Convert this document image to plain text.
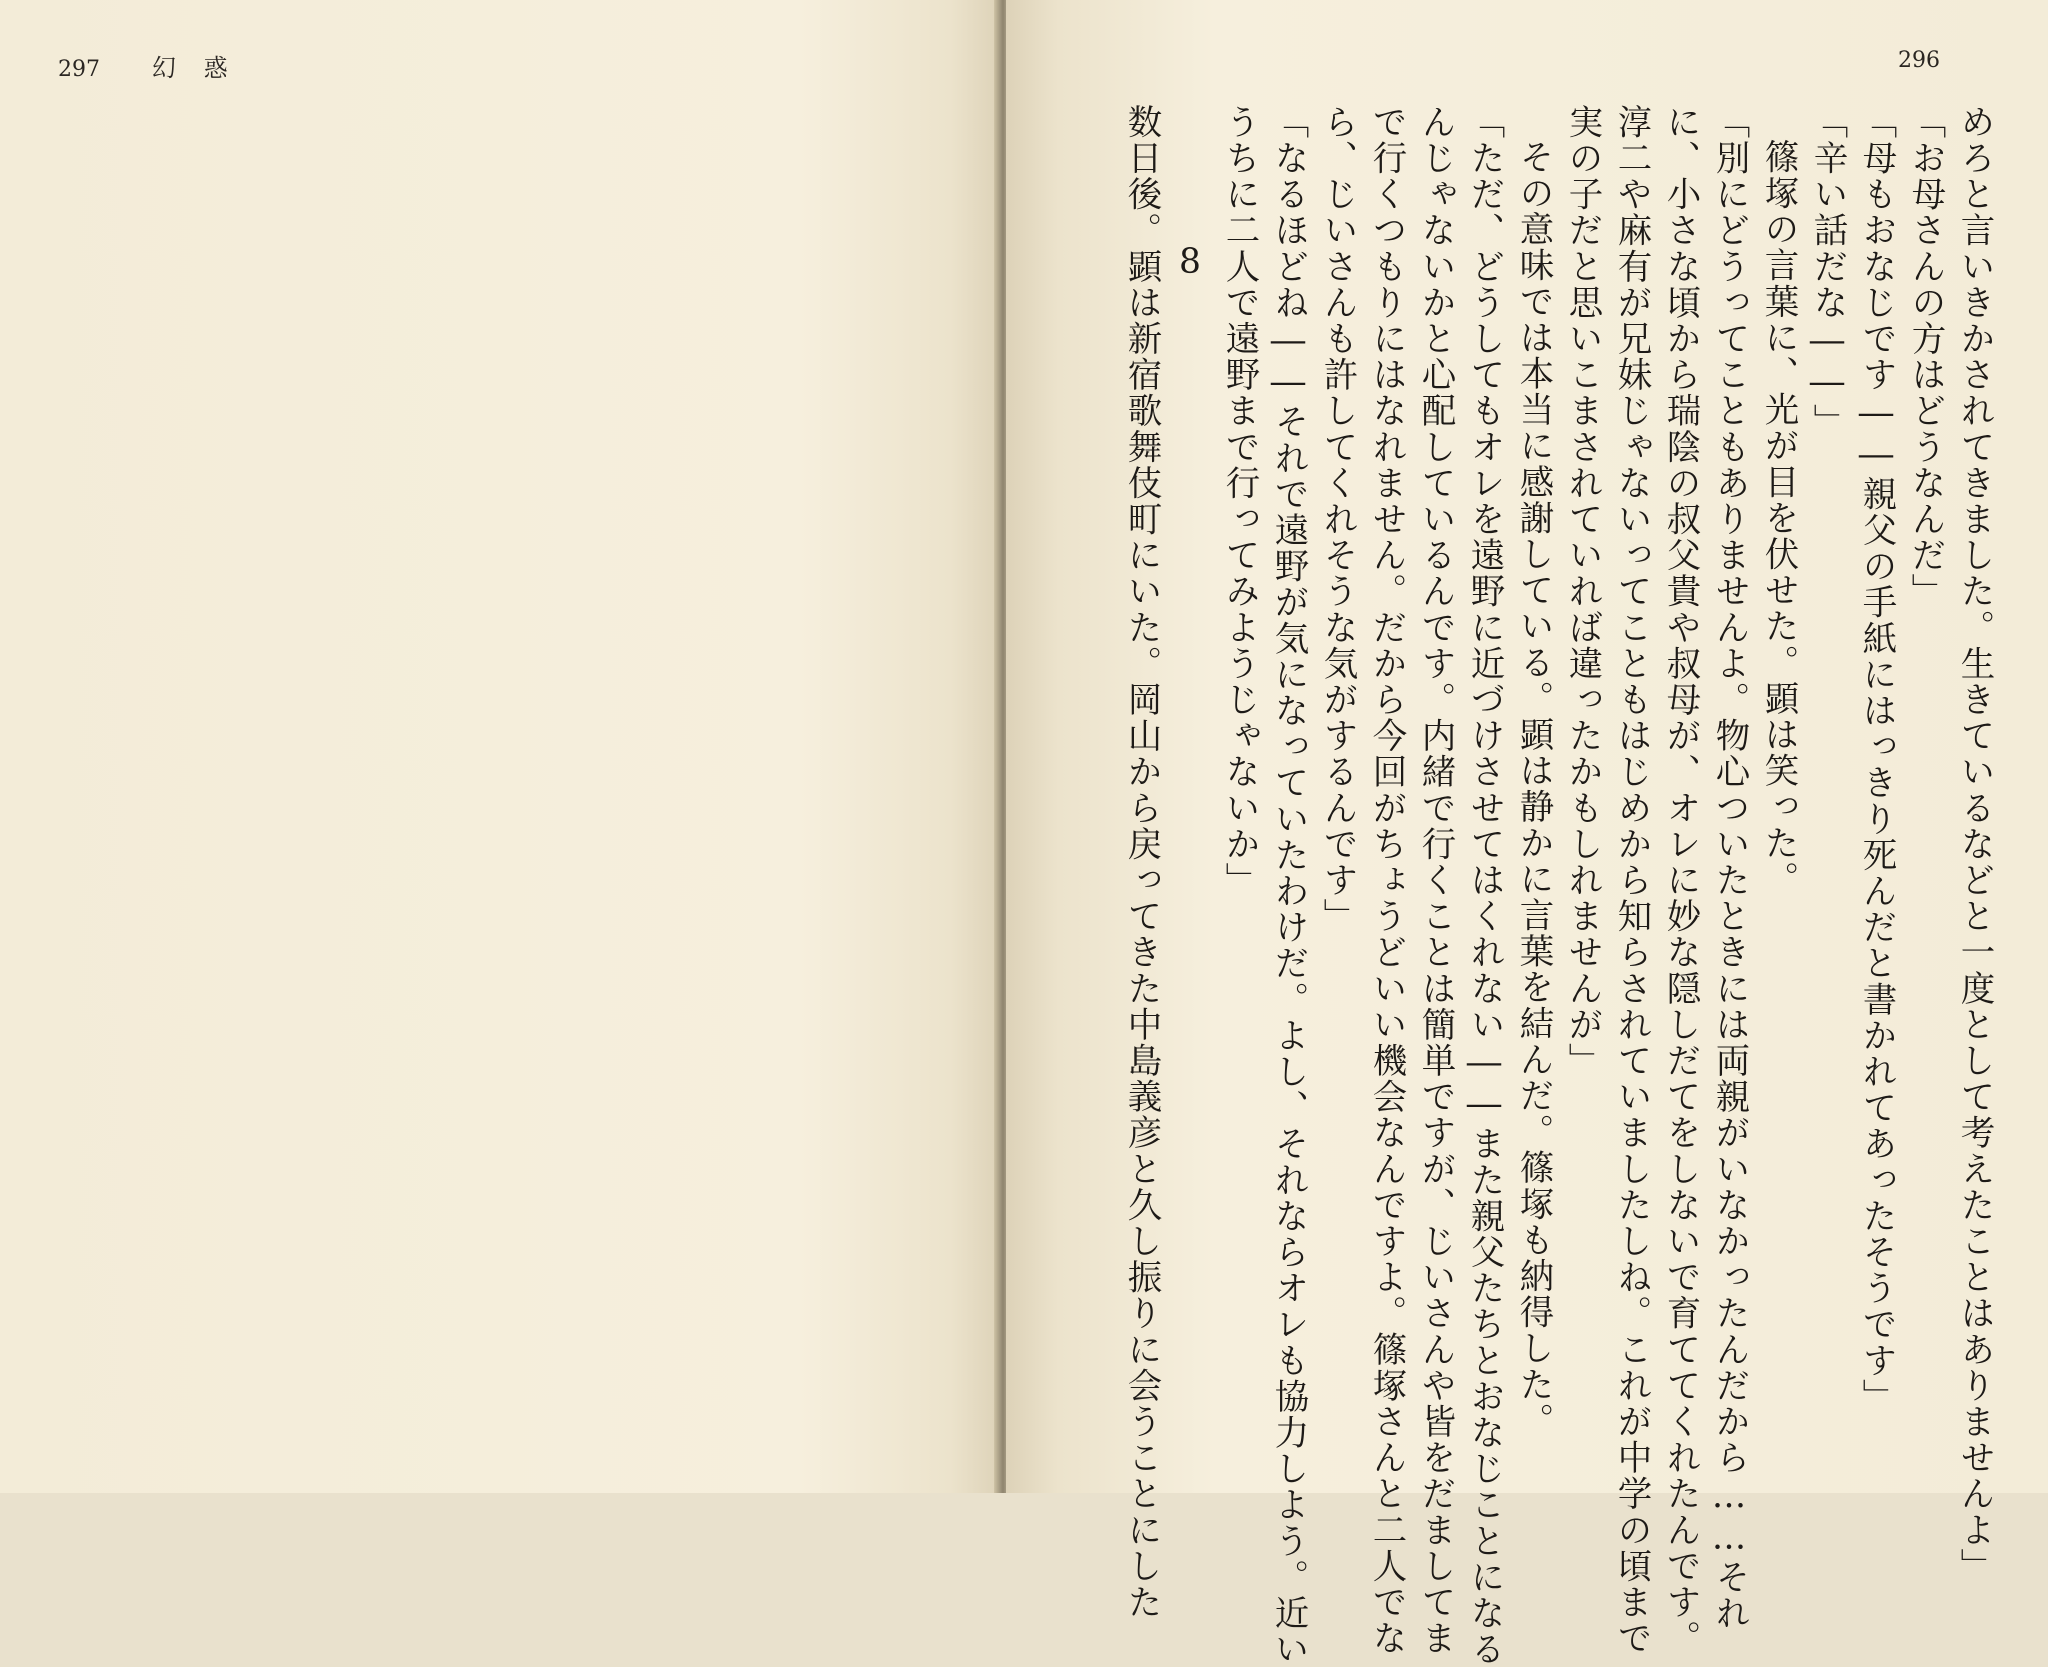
297 幻 惑	296
めろと言いきかされてきました。生きているなどと一度として考えたことはありませんよ」
「お母さんの方はどうなんだ」
「母もおなじです――親父の手紙にはっきり死んだと書かれてあったそうです」
「辛い話だな――」
篠塚の言葉に、光が目を伏せた。顕は笑った。
「別にどうってこともありませんよ。物心ついたときには両親がいなかったんだから……それ
に、小さな頃から瑞陰の叔父貴や叔母が、オレに妙な隠しだてをしないで育ててくれたんです。
淳二や麻有が兄妹じゃないってこともはじめから知らされていましたしね。これが中学の頃まで
実の子だと思いこまされていれば違ったかもしれませんが」
その意味では本当に感謝している。顕は静かに言葉を結んだ。篠塚も納得した。
「ただ、どうしてもオレを遠野に近づけさせてはくれない――また親父たちとおなじことになる
んじゃないかと心配しているんです。内緒で行くことは簡単ですが、じいさんや皆をだましてま
で行くつもりにはなれません。だから今回がちょうどいい機会なんですよ。篠塚さんと二人でな
ら、じいさんも許してくれそうな気がするんです」
「なるほどね――それで遠野が気になっていたわけだ。よし、それならオレも協力しよう。近い
うちに二人で遠野まで行ってみようじゃないか」
8
数日後。顕は新宿歌舞伎町にいた。岡山から戻ってきた中島義彦と久し振りに会うことにした
